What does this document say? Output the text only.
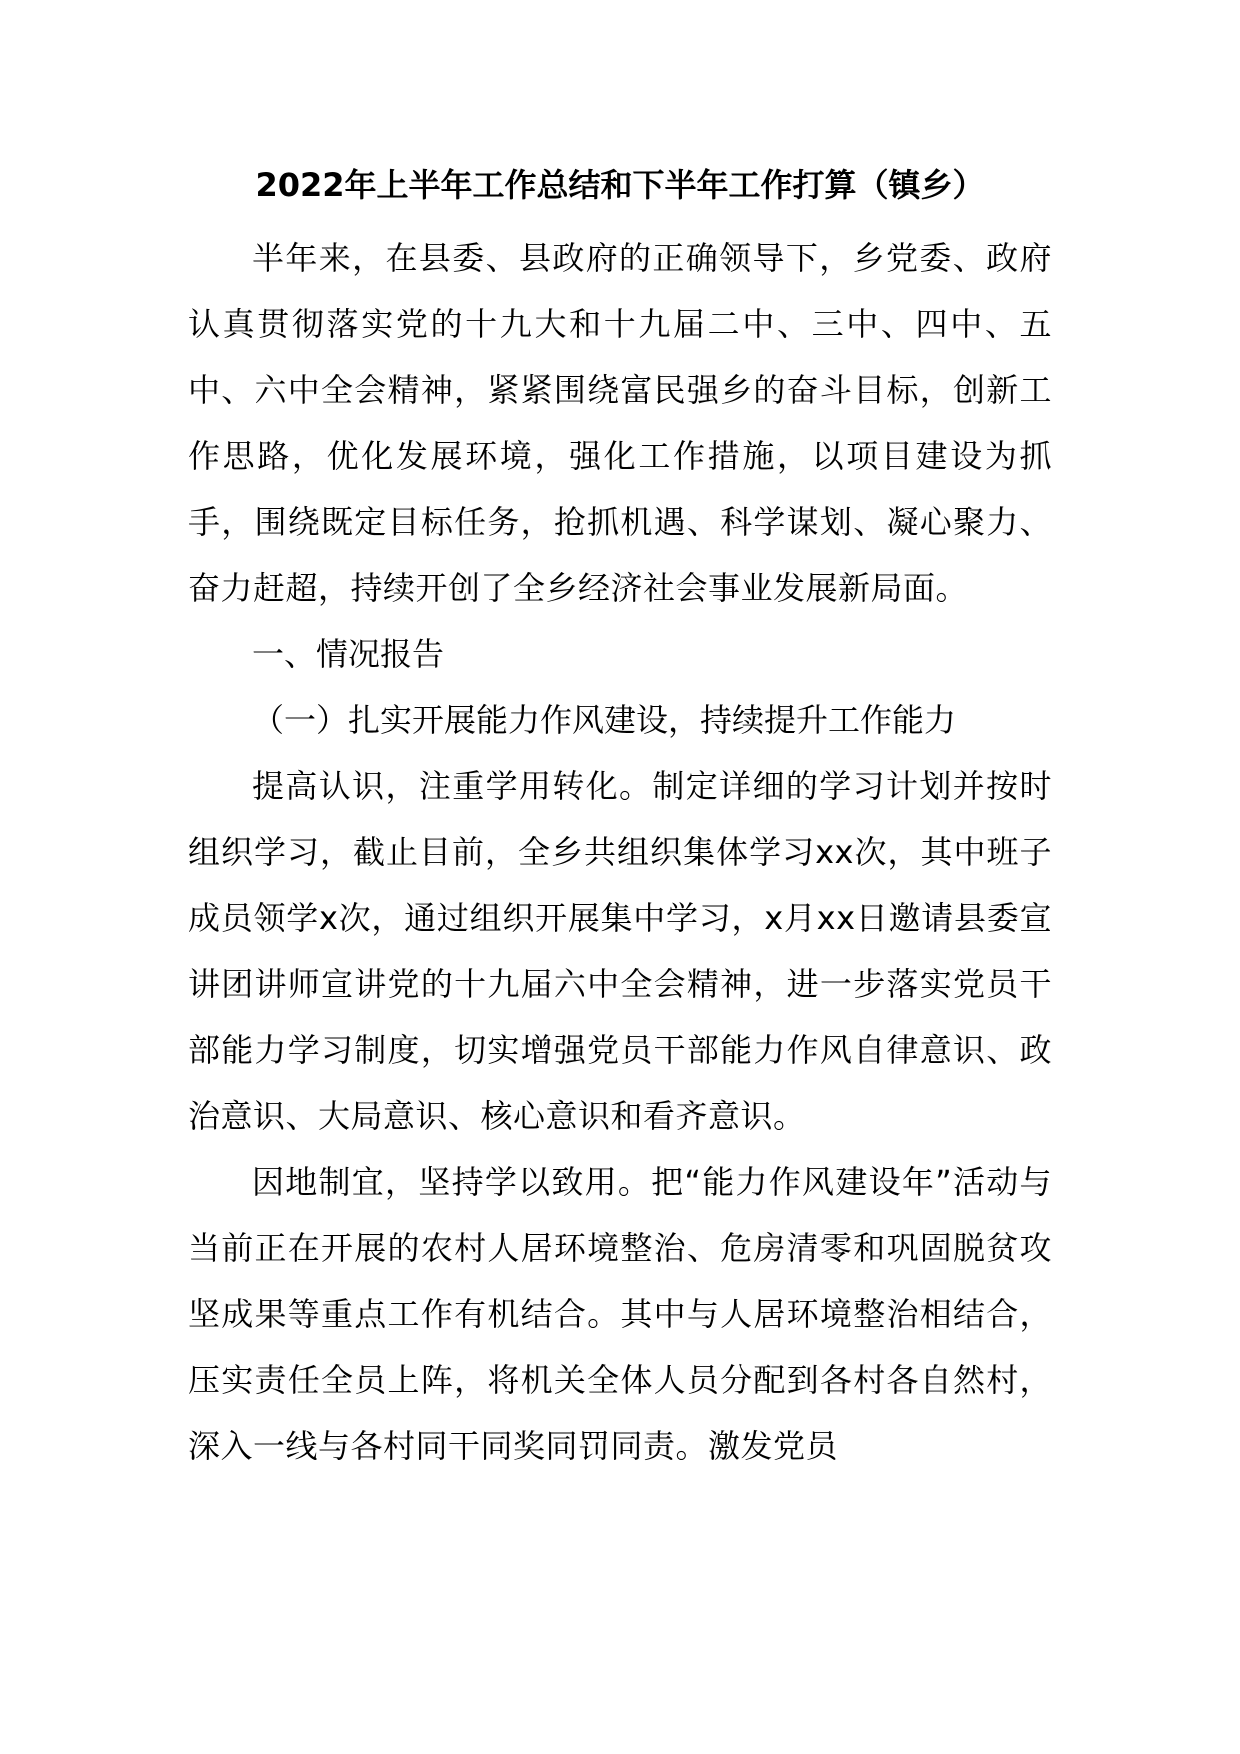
2022年上半年工作总结和下半年工作打算（镇乡）

半年来，在县委、县政府的正确领导下，乡党委、政府认真贯彻落实党的十九大和十九届二中、三中、四中、五中、六中全会精神，紧紧围绕富民强乡的奋斗目标，创新工作思路，优化发展环境，强化工作措施，以项目建设为抓手，围绕既定目标任务，抢抓机遇、科学谋划、凝心聚力、奋力赶超，持续开创了全乡经济社会事业发展新局面。

一、情况报告

（一）扎实开展能力作风建设，持续提升工作能力

提高认识，注重学用转化。制定详细的学习计划并按时组织学习，截止目前，全乡共组织集体学习xx次，其中班子成员领学x次，通过组织开展集中学习，x月xx日邀请县委宣讲团讲师宣讲党的十九届六中全会精神，进一步落实党员干部能力学习制度，切实增强党员干部能力作风自律意识、政治意识、大局意识、核心意识和看齐意识。

因地制宜，坚持学以致用。把“能力作风建设年”活动与当前正在开展的农村人居环境整治、危房清零和巩固脱贫攻坚成果等重点工作有机结合。其中与人居环境整治相结合，压实责任全员上阵，将机关全体人员分配到各村各自然村，深入一线与各村同干同奖同罚同责。激发党员
